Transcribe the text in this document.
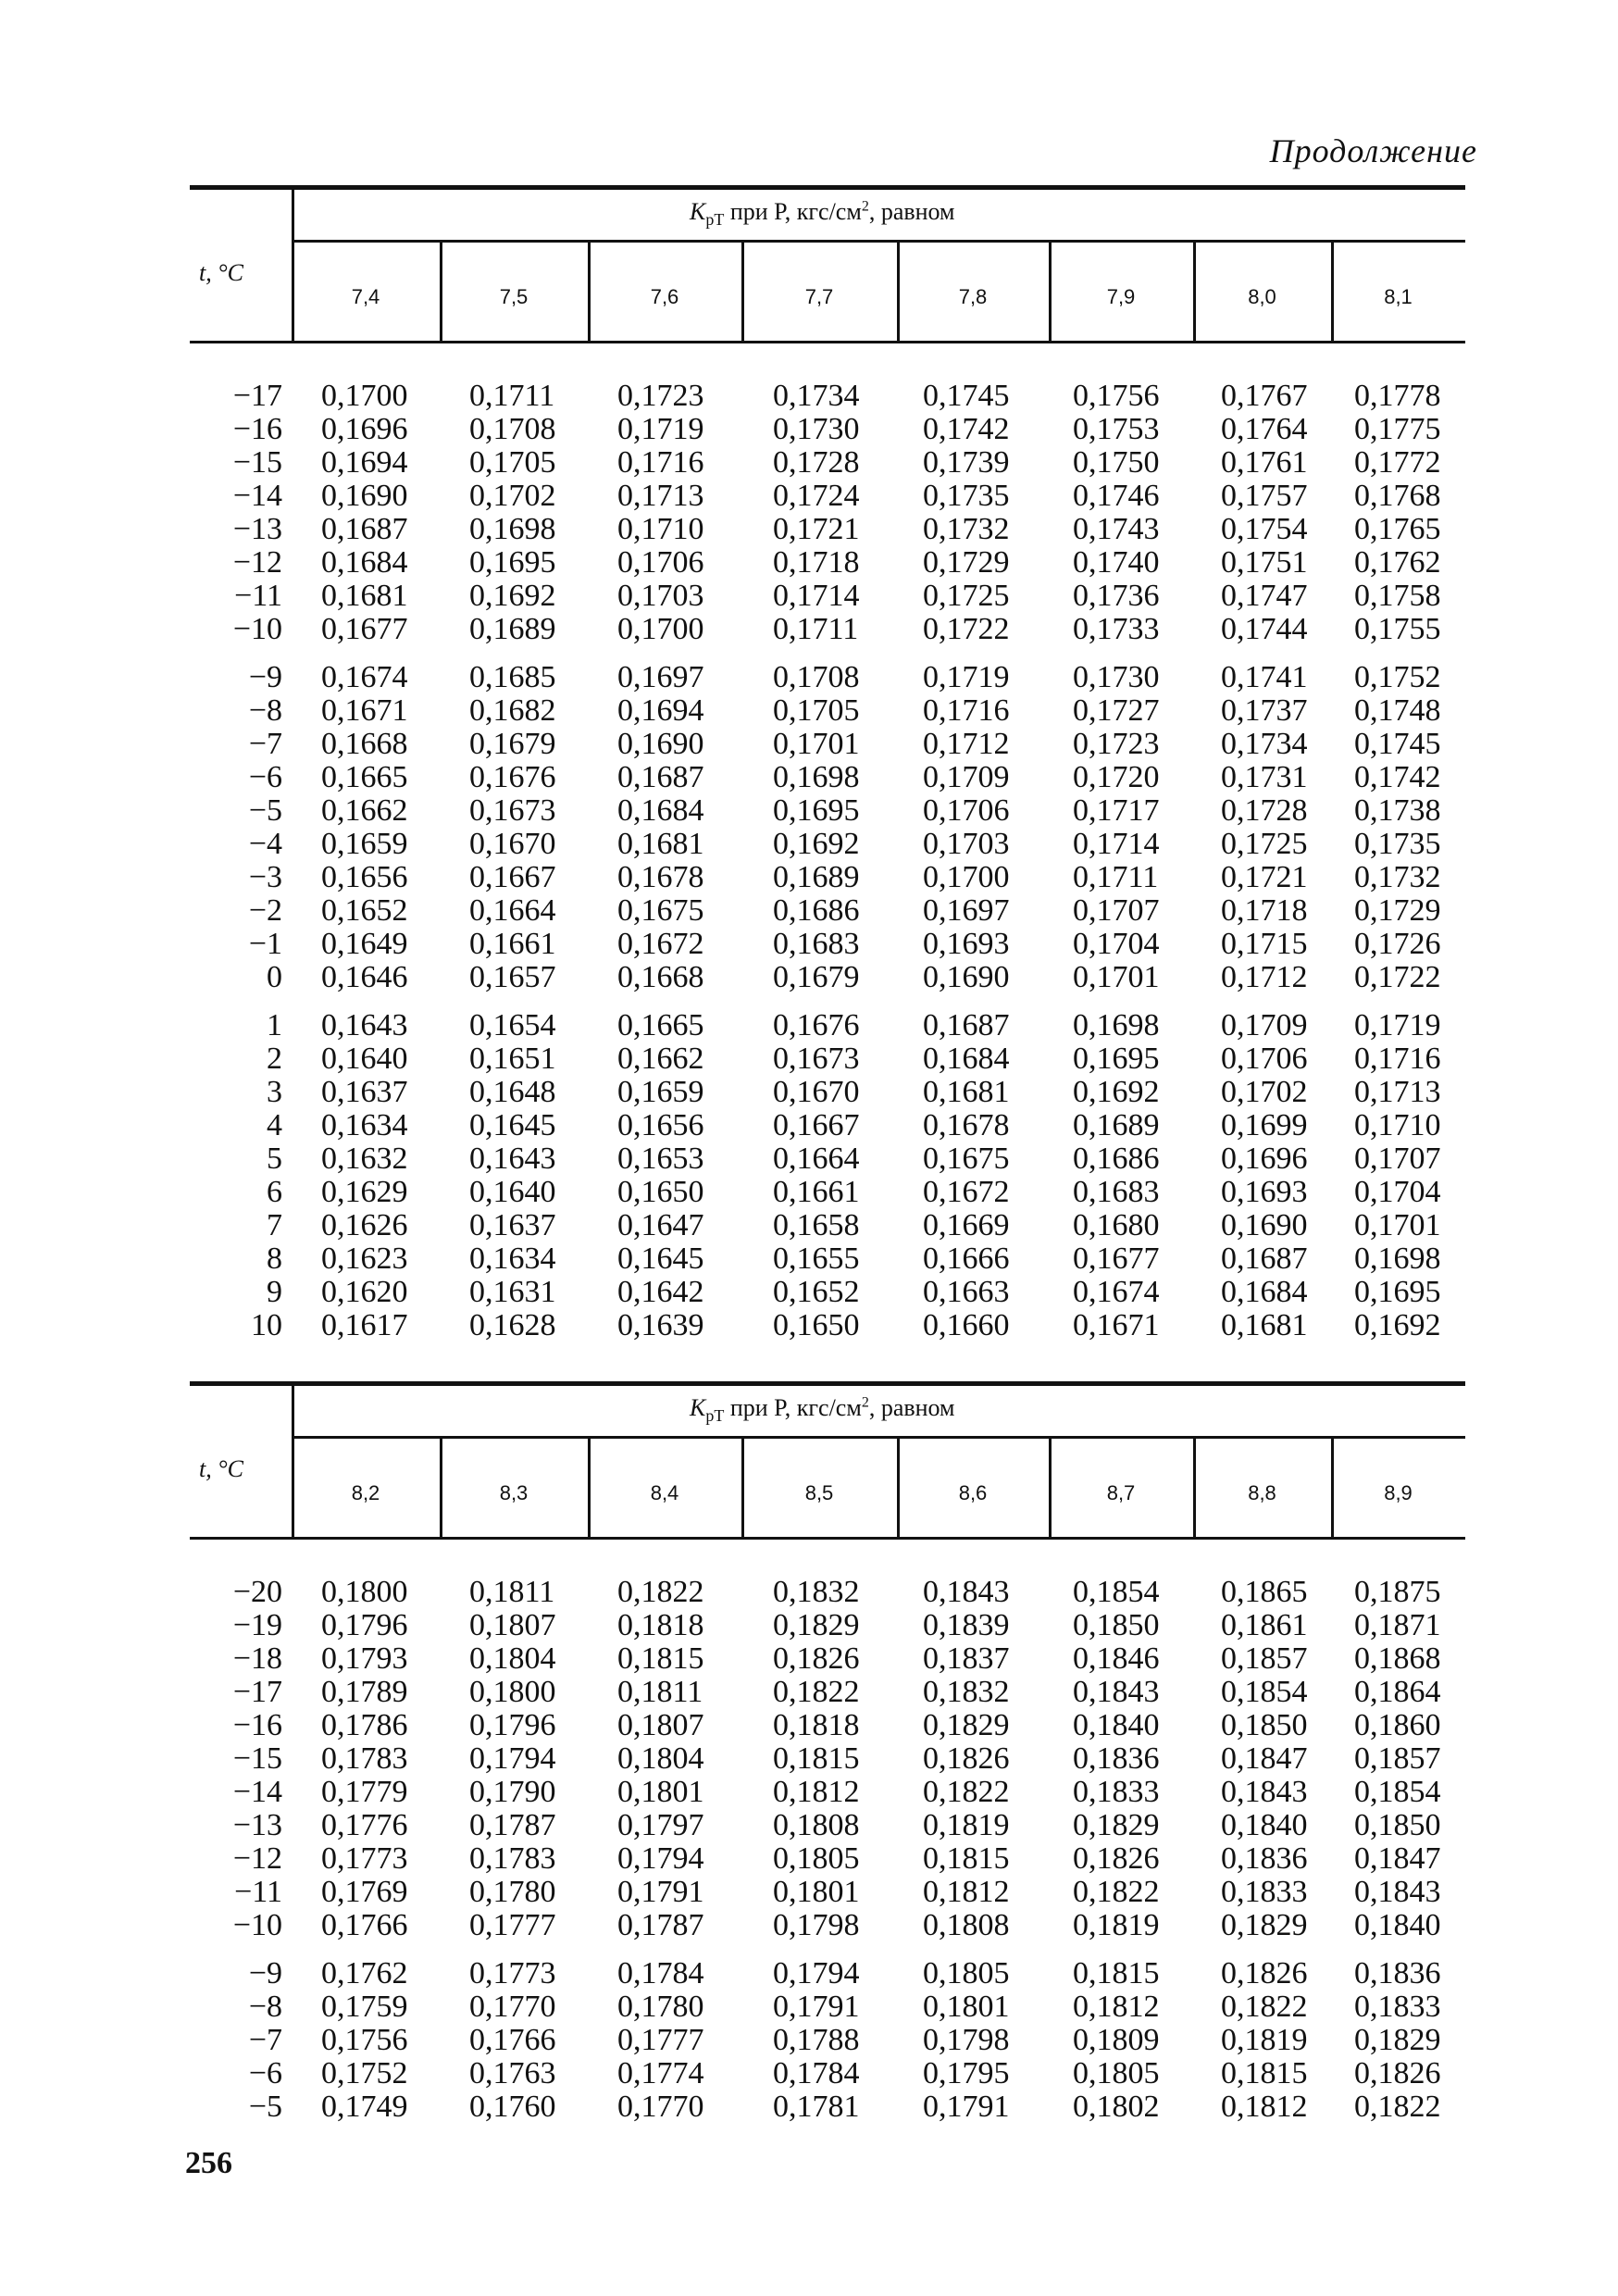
Продолжение
$K_{pT}$ при P, кгс/$см^2$, равном
t, °C
7,4	7,5	7,6	7,7	7,8	7,9	8,0	8,1
−17 0,1700 0,1711 0,1723 0,1734 0,1745 0,1756 0,1767 0,1778
−16 0,1696 0,1708 0,1719 0,1730 0,1742 0,1753 0,1764 0,1775
−15 0,1694 0,1705 0,1716 0,1728 0,1739 0,1750 0,1761 0,1772
−14 0,1690 0,1702 0,1713 0,1724 0,1735 0,1746 0,1757 0,1768
−13 0,1687 0,1698 0,1710 0,1721 0,1732 0,1743 0,1754 0,1765
−12 0,1684 0,1695 0,1706 0,1718 0,1729 0,1740 0,1751 0,1762
−11 0,1681 0,1692 0,1703 0,1714 0,1725 0,1736 0,1747 0,1758
−10 0,1677 0,1689 0,1700 0,1711 0,1722 0,1733 0,1744 0,1755
−9 0,1674 0,1685 0,1697 0,1708 0,1719 0,1730 0,1741 0,1752
−8 0,1671 0,1682 0,1694 0,1705 0,1716 0,1727 0,1737 0,1748
−7 0,1668 0,1679 0,1690 0,1701 0,1712 0,1723 0,1734 0,1745
−6 0,1665 0,1676 0,1687 0,1698 0,1709 0,1720 0,1731 0,1742
−5 0,1662 0,1673 0,1684 0,1695 0,1706 0,1717 0,1728 0,1738
−4 0,1659 0,1670 0,1681 0,1692 0,1703 0,1714 0,1725 0,1735
−3 0,1656 0,1667 0,1678 0,1689 0,1700 0,1711 0,1721 0,1732
−2 0,1652 0,1664 0,1675 0,1686 0,1697 0,1707 0,1718 0,1729
−1 0,1649 0,1661 0,1672 0,1683 0,1693 0,1704 0,1715 0,1726
0 0,1646 0,1657 0,1668 0,1679 0,1690 0,1701 0,1712 0,1722
1 0,1643 0,1654 0,1665 0,1676 0,1687 0,1698 0,1709 0,1719
2 0,1640 0,1651 0,1662 0,1673 0,1684 0,1695 0,1706 0,1716
3 0,1637 0,1648 0,1659 0,1670 0,1681 0,1692 0,1702 0,1713
4 0,1634 0,1645 0,1656 0,1667 0,1678 0,1689 0,1699 0,1710
5 0,1632 0,1643 0,1653 0,1664 0,1675 0,1686 0,1696 0,1707
6 0,1629 0,1640 0,1650 0,1661 0,1672 0,1683 0,1693 0,1704
7 0,1626 0,1637 0,1647 0,1658 0,1669 0,1680 0,1690 0,1701
8 0,1623 0,1634 0,1645 0,1655 0,1666 0,1677 0,1687 0,1698
9 0,1620 0,1631 0,1642 0,1652 0,1663 0,1674 0,1684 0,1695
10 0,1617 0,1628 0,1639 0,1650 0,1660 0,1671 0,1681 0,1692
$K_{pT}$ при P, кгс/$см^2$, равном
t, °C
8,2	8,3	8,4	8,5	8,6	8,7	8,8	8,9
−20 0,1800 0,1811 0,1822 0,1832 0,1843 0,1854 0,1865 0,1875
−19 0,1796 0,1807 0,1818 0,1829 0,1839 0,1850 0,1861 0,1871
−18 0,1793 0,1804 0,1815 0,1826 0,1837 0,1846 0,1857 0,1868
−17 0,1789 0,1800 0,1811 0,1822 0,1832 0,1843 0,1854 0,1864
−16 0,1786 0,1796 0,1807 0,1818 0,1829 0,1840 0,1850 0,1860
−15 0,1783 0,1794 0,1804 0,1815 0,1826 0,1836 0,1847 0,1857
−14 0,1779 0,1790 0,1801 0,1812 0,1822 0,1833 0,1843 0,1854
−13 0,1776 0,1787 0,1797 0,1808 0,1819 0,1829 0,1840 0,1850
−12 0,1773 0,1783 0,1794 0,1805 0,1815 0,1826 0,1836 0,1847
−11 0,1769 0,1780 0,1791 0,1801 0,1812 0,1822 0,1833 0,1843
−10 0,1766 0,1777 0,1787 0,1798 0,1808 0,1819 0,1829 0,1840
−9 0,1762 0,1773 0,1784 0,1794 0,1805 0,1815 0,1826 0,1836
−8 0,1759 0,1770 0,1780 0,1791 0,1801 0,1812 0,1822 0,1833
−7 0,1756 0,1766 0,1777 0,1788 0,1798 0,1809 0,1819 0,1829
−6 0,1752 0,1763 0,1774 0,1784 0,1795 0,1805 0,1815 0,1826
−5 0,1749 0,1760 0,1770 0,1781 0,1791 0,1802 0,1812 0,1822
256
